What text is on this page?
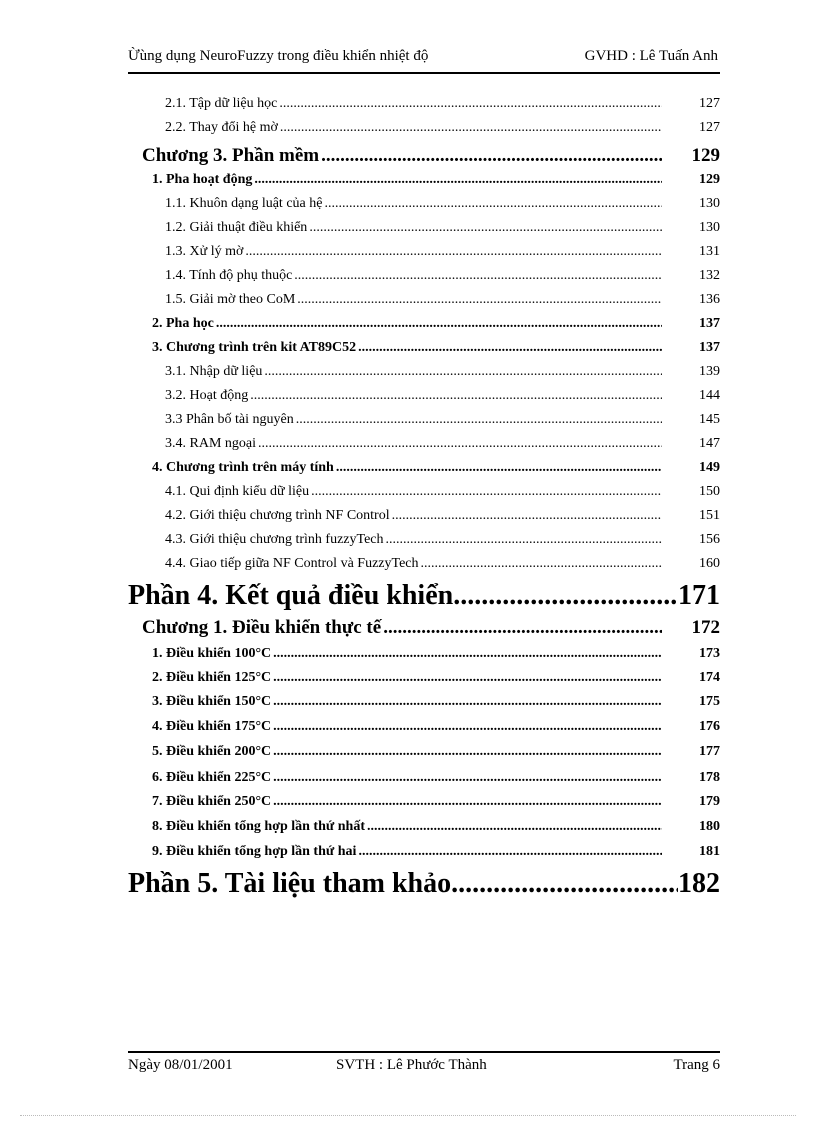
Ừùng dụng NeuroFuzzy trong điều khiển nhiệt độ	GVHD : Lê Tuấn Anh
2.1. Tập dữ liệu học .....	127
2.2. Thay đổi hệ mờ .....	127
Chương 3. Phần mềm .....	129
1. Pha hoạt động .....	129
1.1. Khuôn dạng luật của hệ .....	130
1.2. Giải thuật điều khiển .....	130
1.3. Xử lý mờ .....	131
1.4. Tính độ phụ thuộc .....	132
1.5. Giải mờ theo CoM .....	136
2. Pha học .....	137
3. Chương trình trên kit AT89C52 .....	137
3.1. Nhập dữ liệu .....	139
3.2. Hoạt động .....	144
3.3 Phân bố tài nguyên .....	145
3.4. RAM ngoại .....	147
4. Chương trình trên máy tính .....	149
4.1. Qui định kiểu dữ liệu .....	150
4.2. Giới thiệu chương trình NF Control .....	151
4.3. Giới thiệu chương trình fuzzyTech .....	156
4.4. Giao tiếp giữa NF Control và FuzzyTech .....	160
Phần 4. Kết quả điều khiển .....	171
Chương 1. Điều khiển thực tế .....	172
1. Điều khiển 100°C .....	173
2. Điều khiển 125°C .....	174
3. Điều khiển 150°C .....	175
4. Điều khiển 175°C .....	176
5. Điều khiển 200°C .....	177
6. Điều khiển 225°C .....	178
7. Điều khiển 250°C .....	179
8. Điều khiển tổng hợp lần thứ nhất .....	180
9. Điều khiển tổng hợp lần thứ hai .....	181
Phần 5. Tài liệu tham khảo .....	182
Ngày 08/01/2001	SVTH : Lê Phước Thành	Trang 6
